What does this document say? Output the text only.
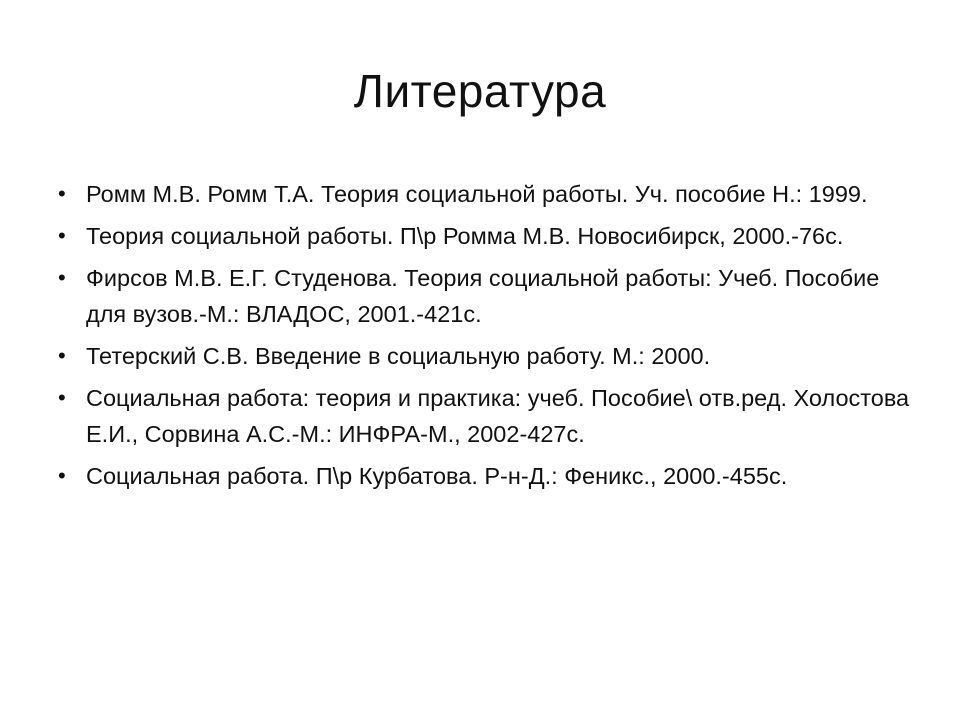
Литература
• Ромм М.В. Ромм Т.А. Теория социальной работы. Уч. пособие Н.: 1999.
• Теория социальной работы. П\р Ромма М.В. Новосибирск, 2000.-76с.
• Фирсов М.В. Е.Г. Студенова. Теория социальной работы: Учеб. Пособие для вузов.-М.: ВЛАДОС, 2001.-421с.
• Тетерский С.В. Введение в социальную работу. М.: 2000.
• Социальная работа: теория и практика: учеб. Пособие\ отв.ред. Холостова Е.И., Сорвина А.С.-М.: ИНФРА-М., 2002-427с.
• Социальная работа. П\р Курбатова. Р-н-Д.: Феникс., 2000.-455с.
